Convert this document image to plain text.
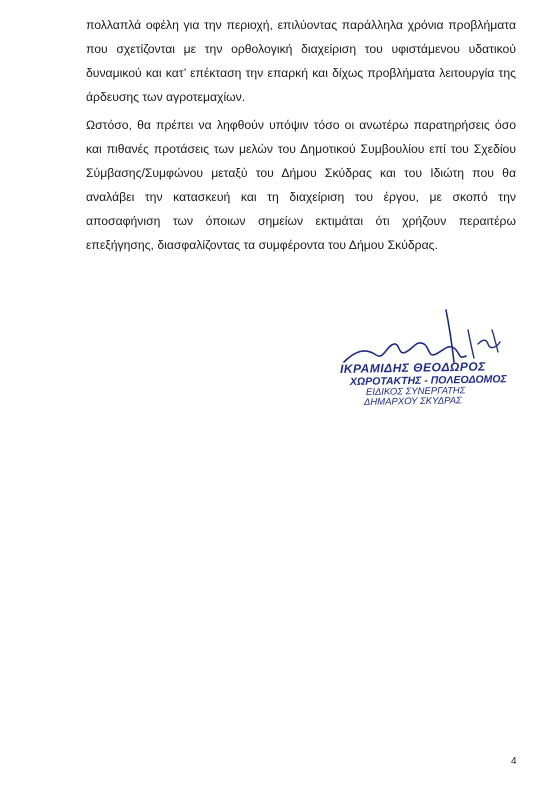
πολλαπλά οφέλη για την περιοχή, επιλύοντας παράλληλα χρόνια προβλήματα που σχετίζονται με την ορθολογική διαχείριση του υφιστάμενου υδατικού δυναμικού και κατ’ επέκταση την επαρκή και δίχως προβλήματα λειτουργία της άρδευσης των αγροτεμαχίων.

Ωστόσο, θα πρέπει να ληφθούν υπόψιν τόσο οι ανωτέρω παρατηρήσεις όσο και πιθανές προτάσεις των μελών του Δημοτικού Συμβουλίου επί του Σχεδίου Σύμβασης/Συμφώνου μεταξύ του Δήμου Σκύδρας και του Ιδιώτη που θα αναλάβει την κατασκευή και τη διαχείριση του έργου, με σκοπό την αποσαφήνιση των όποιων σημείων εκτιμάται ότι χρήζουν περαιτέρω επεξήγησης, διασφαλίζοντας τα συμφέροντα του Δήμου Σκύδρας.

ΙΚΡΑΜΙΔΗΣ ΘΕΟΔΩΡΟΣ
ΧΩΡΟΤΑΚΤΗΣ - ΠΟΛΕΟΔΟΜΟΣ
ΕΙΔΙΚΟΣ ΣΥΝΕΡΓΑΤΗΣ
ΔΗΜΑΡΧΟΥ ΣΚΥΔΡΑΣ
4
